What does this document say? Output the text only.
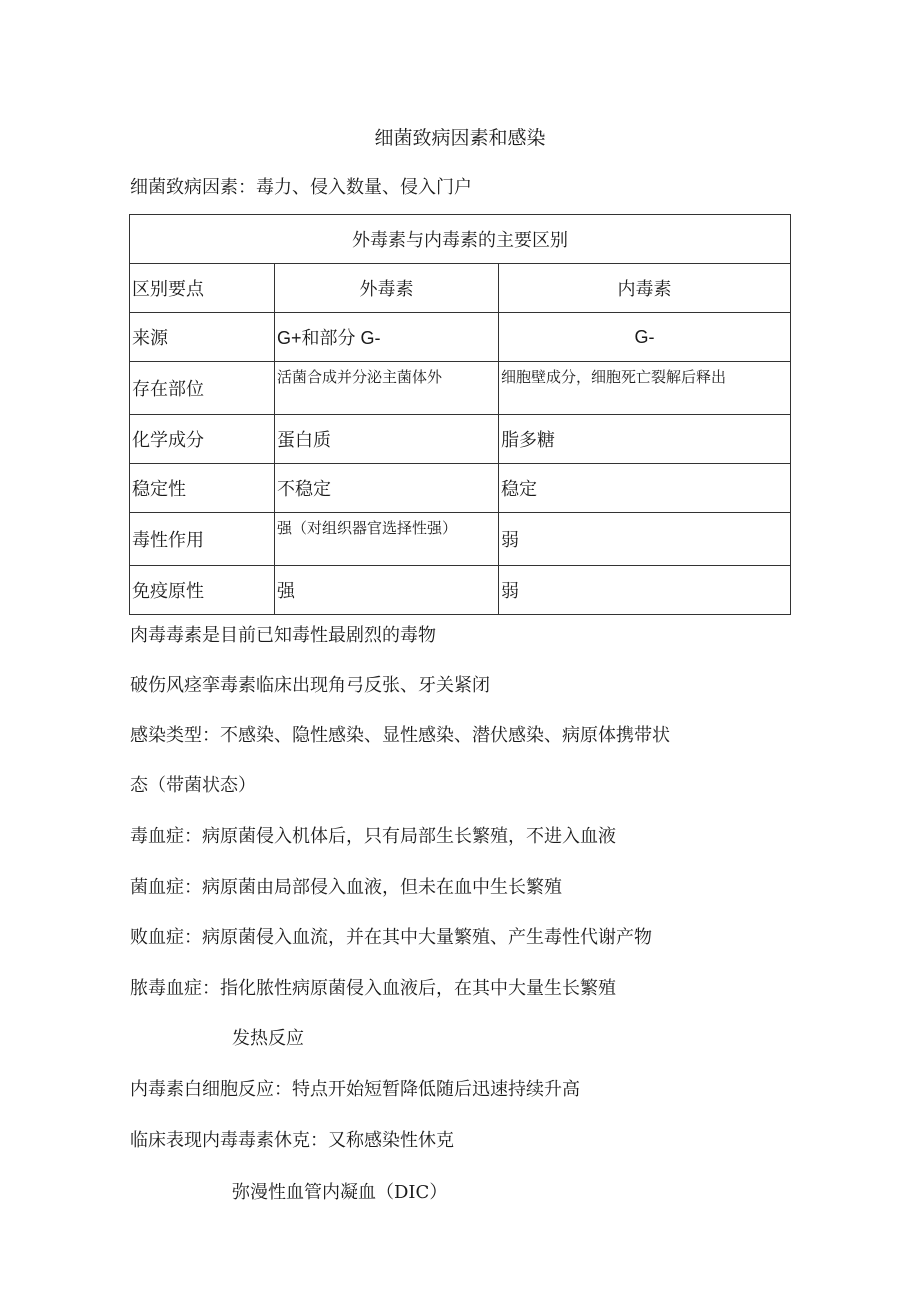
细菌致病因素和感染
细菌致病因素：毒力、侵入数量、侵入门户
外毒素与内毒素的主要区别		
区别要点	外毒素	内毒素
来源	G+和部分 G-	G-
存在部位	活菌合成并分泌主菌体外	细胞壁成分，细胞死亡裂解后释出
化学成分	蛋白质	脂多糖
稳定性	不稳定	稳定
毒性作用	强（对组织器官选择性强）	弱
免疫原性	强	弱
肉毒毒素是目前已知毒性最剧烈的毒物
破伤风痉挛毒素临床出现角弓反张、牙关紧闭
感染类型：不感染、隐性感染、显性感染、潜伏感染、病原体携带状
态（带菌状态）
毒血症：病原菌侵入机体后，只有局部生长繁殖，不进入血液
菌血症：病原菌由局部侵入血液，但未在血中生长繁殖
败血症：病原菌侵入血流，并在其中大量繁殖、产生毒性代谢产物
脓毒血症：指化脓性病原菌侵入血液后，在其中大量生长繁殖
发热反应
内毒素白细胞反应：特点开始短暂降低随后迅速持续升高
临床表现内毒毒素休克：又称感染性休克
弥漫性血管内凝血（DIC）
